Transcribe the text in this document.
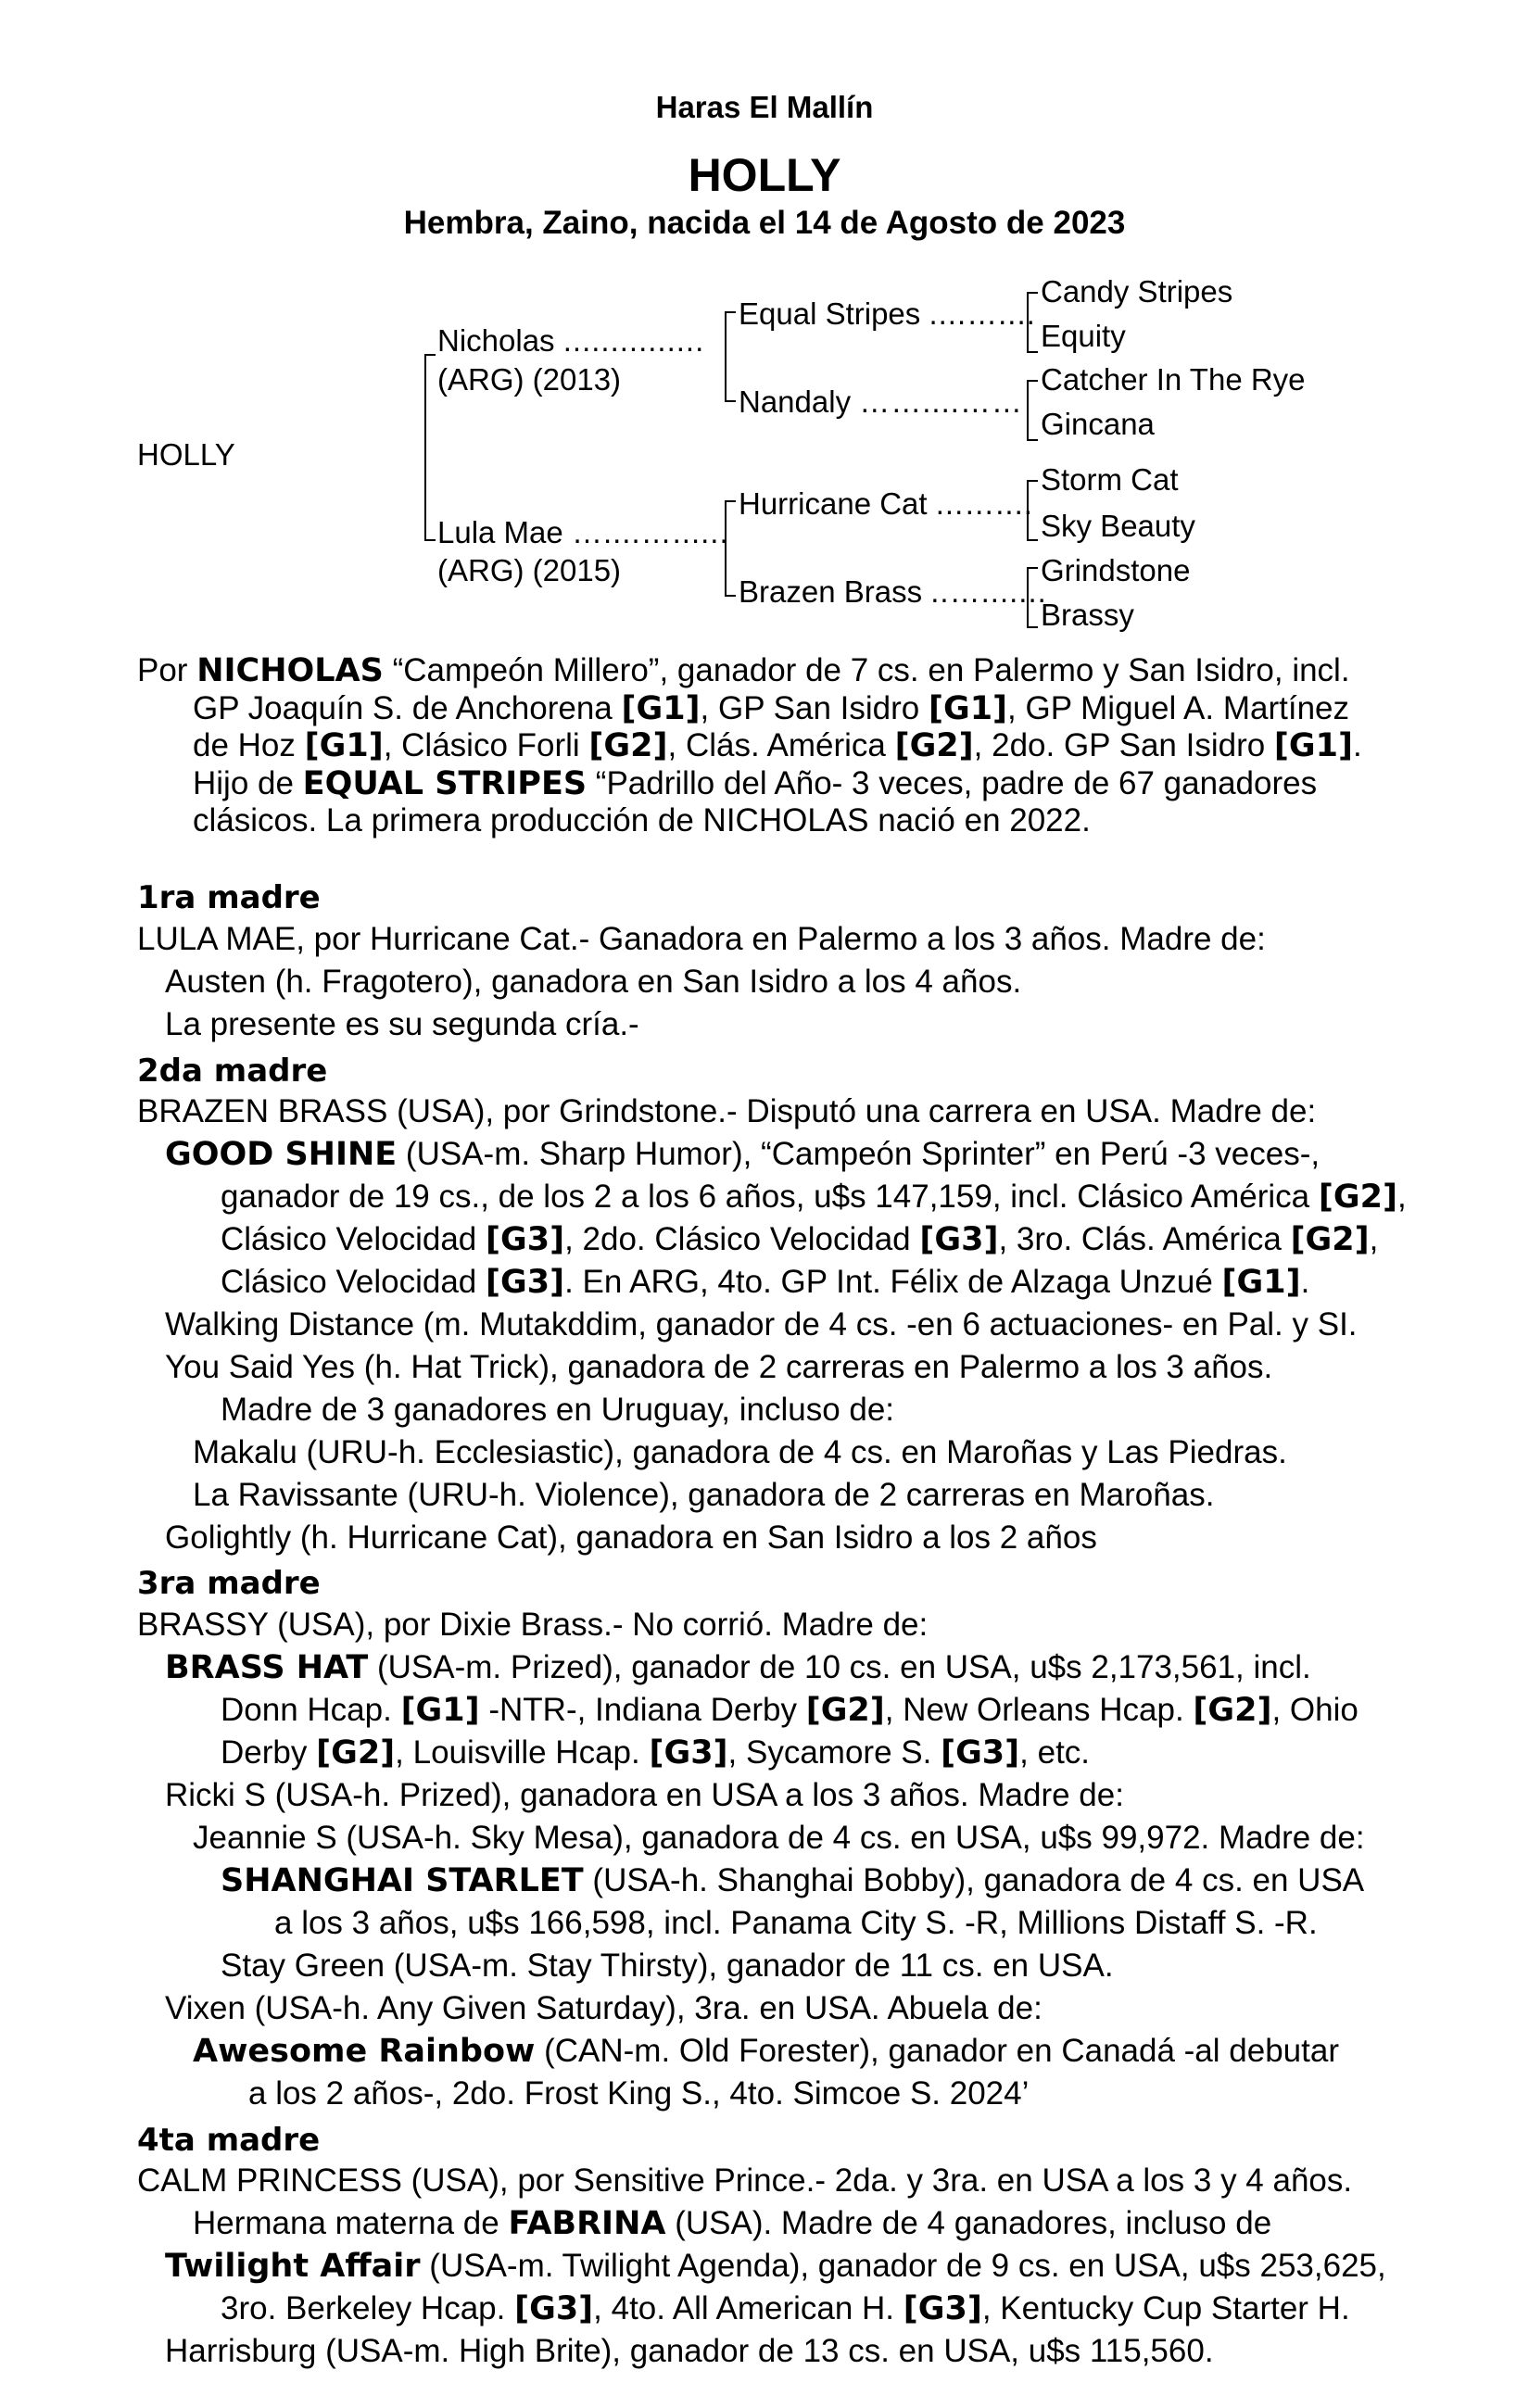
Haras El Mallín
HOLLY
Hembra, Zaino, nacida el 14 de Agosto de 2023
HOLLY
Nicholas ...............
(ARG) (2013)
Lula Mae …....…......
(ARG) (2015)
Equal Stripes ....…....
Nandaly ……....……
Hurricane Cat ...…....
Brazen Brass ..….......
Candy Stripes
Equity
Catcher In The Rye
Gincana
Storm Cat
Sky Beauty
Grindstone
Brassy
Por NICHOLAS “Campeón Millero”, ganador de 7 cs. en Palermo y San Isidro, incl.
GP Joaquín S. de Anchorena [G1], GP San Isidro [G1], GP Miguel A. Martínez
de Hoz [G1], Clásico Forli [G2], Clás. América [G2], 2do. GP San Isidro [G1].
Hijo de EQUAL STRIPES “Padrillo del Año- 3 veces, padre de 67 ganadores
clásicos. La primera producción de NICHOLAS nació en 2022.
1ra madre
LULA MAE, por Hurricane Cat.- Ganadora en Palermo a los 3 años. Madre de:
Austen (h. Fragotero), ganadora en San Isidro a los 4 años.
La presente es su segunda cría.-
2da madre
BRAZEN BRASS (USA), por Grindstone.- Disputó una carrera en USA. Madre de:
GOOD SHINE (USA-m. Sharp Humor), “Campeón Sprinter” en Perú -3 veces-,
ganador de 19 cs., de los 2 a los 6 años, u$s 147,159, incl. Clásico América [G2],
Clásico Velocidad [G3], 2do. Clásico Velocidad [G3], 3ro. Clás. América [G2],
Clásico Velocidad [G3]. En ARG, 4to. GP Int. Félix de Alzaga Unzué [G1].
Walking Distance (m. Mutakddim, ganador de 4 cs. -en 6 actuaciones- en Pal. y SI.
You Said Yes (h. Hat Trick), ganadora de 2 carreras en Palermo a los 3 años.
Madre de 3 ganadores en Uruguay, incluso de:
Makalu (URU-h. Ecclesiastic), ganadora de 4 cs. en Maroñas y Las Piedras.
La Ravissante (URU-h. Violence), ganadora de 2 carreras en Maroñas.
Golightly (h. Hurricane Cat), ganadora en San Isidro a los 2 años
3ra madre
BRASSY (USA), por Dixie Brass.- No corrió. Madre de:
BRASS HAT (USA-m. Prized), ganador de 10 cs. en USA, u$s 2,173,561, incl.
Donn Hcap. [G1] -NTR-, Indiana Derby [G2], New Orleans Hcap. [G2], Ohio
Derby [G2], Louisville Hcap. [G3], Sycamore S. [G3], etc.
Ricki S (USA-h. Prized), ganadora en USA a los 3 años. Madre de:
Jeannie S (USA-h. Sky Mesa), ganadora de 4 cs. en USA, u$s 99,972. Madre de:
SHANGHAI STARLET (USA-h. Shanghai Bobby), ganadora de 4 cs. en USA
a los 3 años, u$s 166,598, incl. Panama City S. -R, Millions Distaff S. -R.
Stay Green (USA-m. Stay Thirsty), ganador de 11 cs. en USA.
Vixen (USA-h. Any Given Saturday), 3ra. en USA. Abuela de:
Awesome Rainbow (CAN-m. Old Forester), ganador en Canadá -al debutar
a los 2 años-, 2do. Frost King S., 4to. Simcoe S. 2024’
4ta madre
CALM PRINCESS (USA), por Sensitive Prince.- 2da. y 3ra. en USA a los 3 y 4 años.
Hermana materna de FABRINA (USA). Madre de 4 ganadores, incluso de
Twilight Affair (USA-m. Twilight Agenda), ganador de 9 cs. en USA, u$s 253,625,
3ro. Berkeley Hcap. [G3], 4to. All American H. [G3], Kentucky Cup Starter H.
Harrisburg (USA-m. High Brite), ganador de 13 cs. en USA, u$s 115,560.
